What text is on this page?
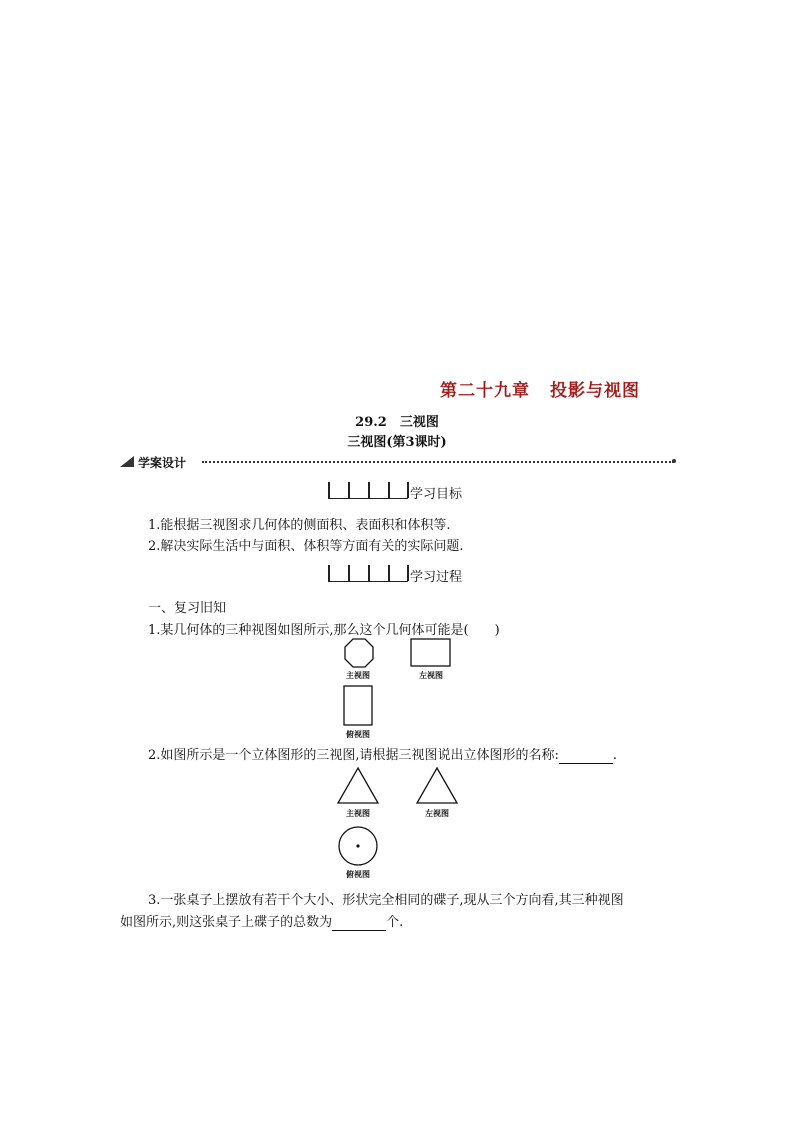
第二十九章 投影与视图
29.2　三视图
三视图(第3课时)
学案设计
学习目标
1.能根据三视图求几何体的侧面积、表面积和体积等.
2.解决实际生活中与面积、体积等方面有关的实际问题.
学习过程
一、复习旧知
1.某几何体的三种视图如图所示,那么这个几何体可能是(　　)
主视图	左视图
俯视图
2.如图所示是一个立体图形的三视图,请根据三视图说出立体图形的名称:	.
主视图	左视图
俯视图
3.一张桌子上摆放有若干个大小、形状完全相同的碟子,现从三个方向看,其三种视图
如图所示,则这张桌子上碟子的总数为	个.
